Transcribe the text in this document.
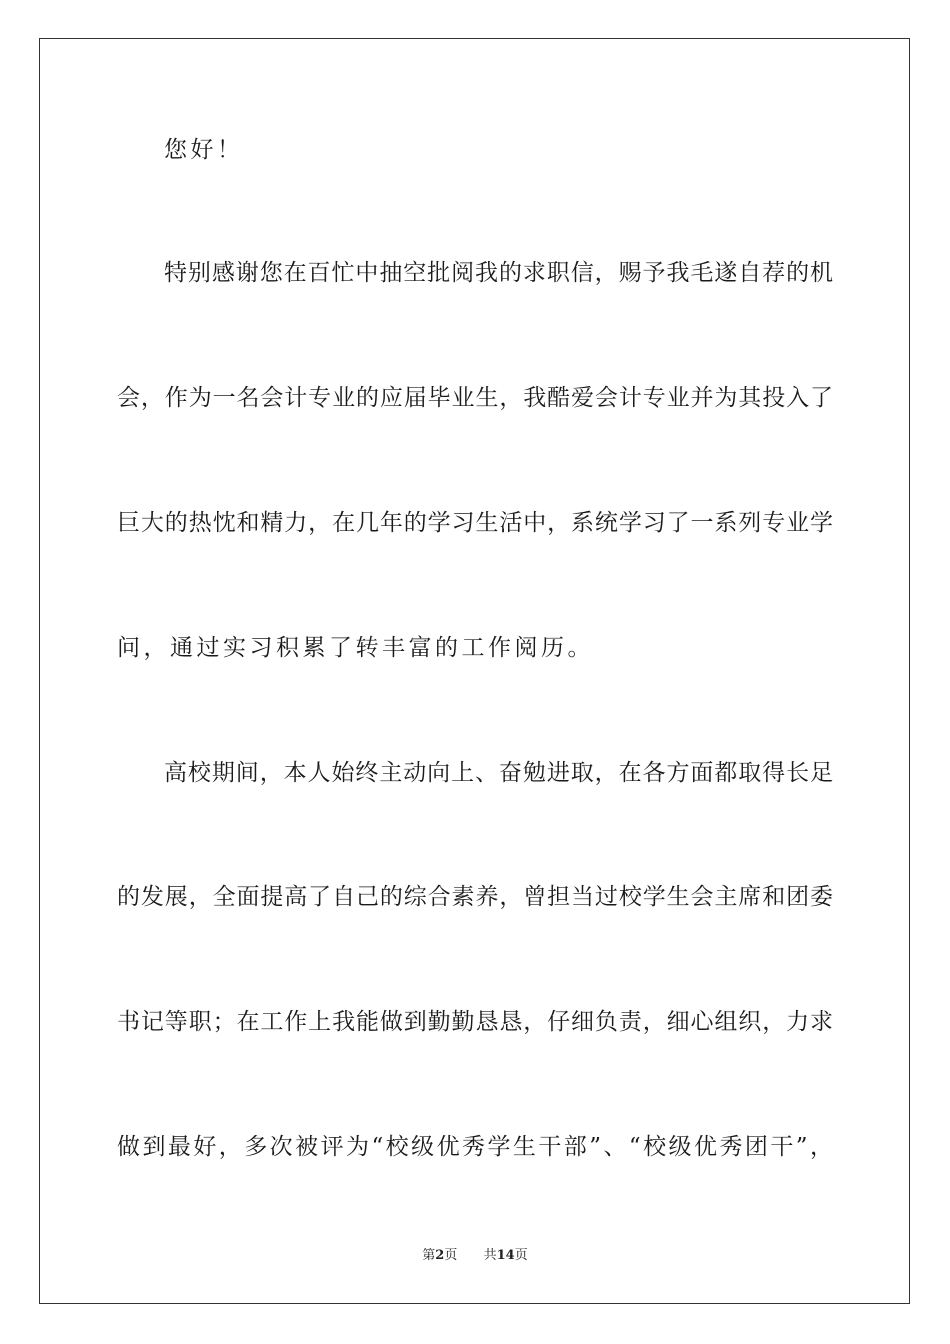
您好！
特别感谢您在百忙中抽空批阅我的求职信，赐予我毛遂自荐的机
会，作为一名会计专业的应届毕业生，我酷爱会计专业并为其投入了
巨大的热忱和精力，在几年的学习生活中，系统学习了一系列专业学
问，通过实习积累了转丰富的工作阅历。
高校期间，本人始终主动向上、奋勉进取，在各方面都取得长足
的发展，全面提高了自己的综合素养，曾担当过校学生会主席和团委
书记等职；在工作上我能做到勤勤恳恳，仔细负责，细心组织，力求
做到最好，多次被评为“校级优秀学生干部”、“校级优秀团干”，
第2页 共14页
